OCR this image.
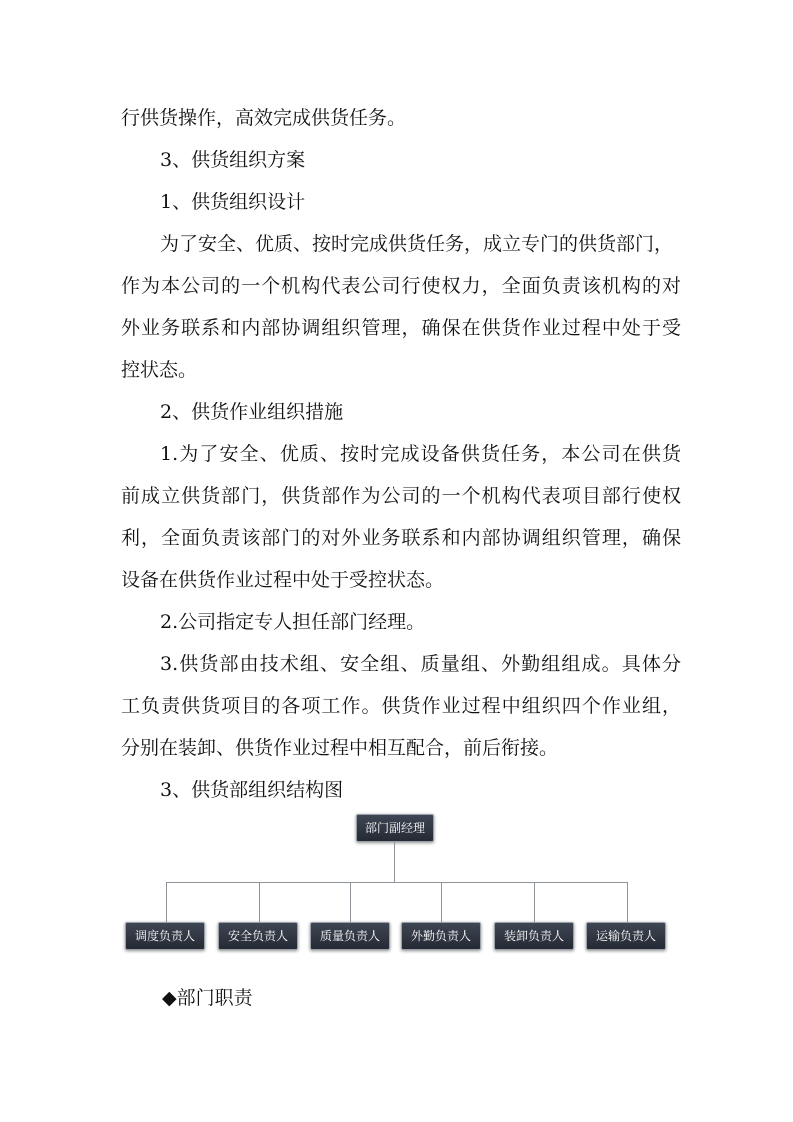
行供货操作，高效完成供货任务。

3、供货组织方案

1、供货组织设计

为了安全、优质、按时完成供货任务，成立专门的供货部门，

作为本公司的一个机构代表公司行使权力，全面负责该机构的对

外业务联系和内部协调组织管理，确保在供货作业过程中处于受

控状态。

2、供货作业组织措施

1.为了安全、优质、按时完成设备供货任务，本公司在供货

前成立供货部门，供货部作为公司的一个机构代表项目部行使权

利，全面负责该部门的对外业务联系和内部协调组织管理，确保

设备在供货作业过程中处于受控状态。

2.公司指定专人担任部门经理。

3.供货部由技术组、安全组、质量组、外勤组组成。具体分

工负责供货项目的各项工作。供货作业过程中组织四个作业组，

分别在装卸、供货作业过程中相互配合，前后衔接。

3、供货部组织结构图

部门副经理
调度负责人	安全负责人	质量负责人	外勤负责人	装卸负责人	运输负责人

◆部门职责
